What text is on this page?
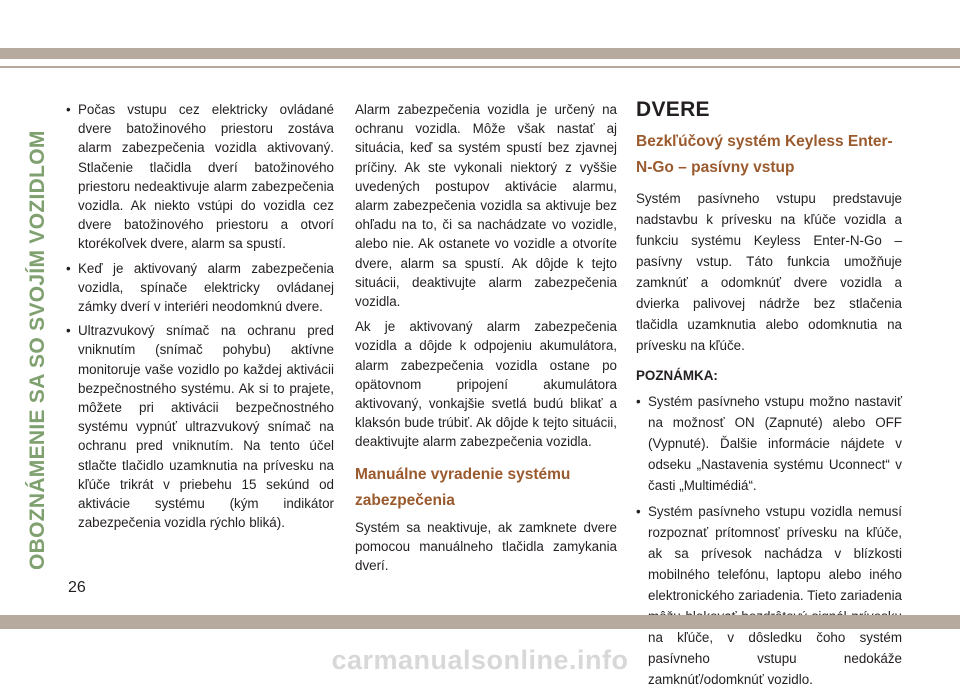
OBOZNÁMENIE SA SO SVOJÍM VOZIDLOM
• Počas vstupu cez elektricky ovládané dvere batožinového priestoru zostáva alarm zabezpečenia vozidla aktivovaný. Stlačenie tlačidla dverí batožinového priestoru nedeaktivuje alarm zabezpečenia vozidla. Ak niekto vstúpi do vozidla cez dvere batožinového priestoru a otvorí ktorékoľvek dvere, alarm sa spustí.
• Keď je aktivovaný alarm zabezpečenia vozidla, spínače elektricky ovládanej zámky dverí v interiéri neodomknú dvere.
• Ultrazvukový snímač na ochranu pred vniknutím (snímač pohybu) aktívne monitoruje vaše vozidlo po každej aktivácii bezpečnostného systému. Ak si to prajete, môžete pri aktivácii bezpečnostného systému vypnúť ultrazvukový snímač na ochranu pred vniknutím. Na tento účel stlačte tlačidlo uzamknutia na prívesku na kľúče trikrát v priebehu 15 sekúnd od aktivácie systému (kým indikátor zabezpečenia vozidla rýchlo bliká).

Alarm zabezpečenia vozidla je určený na ochranu vozidla. Môže však nastať aj situácia, keď sa systém spustí bez zjavnej príčiny. Ak ste vykonali niektorý z vyššie uvedených postupov aktivácie alarmu, alarm zabezpečenia vozidla sa aktivuje bez ohľadu na to, či sa nachádzate vo vozidle, alebo nie. Ak ostanete vo vozidle a otvoríte dvere, alarm sa spustí. Ak dôjde k tejto situácii, deaktivujte alarm zabezpečenia vozidla.

Ak je aktivovaný alarm zabezpečenia vozidla a dôjde k odpojeniu akumulátora, alarm zabezpečenia vozidla ostane po opätovnom pripojení akumulátora aktivovaný, vonkajšie svetlá budú blikať a klaksón bude trúbiť. Ak dôjde k tejto situácii, deaktivujte alarm zabezpečenia vozidla.

Manuálne vyradenie systému zabezpečenia

Systém sa neaktivuje, ak zamknete dvere pomocou manuálneho tlačidla zamykania dverí.

DVERE
Bezkľúčový systém Keyless Enter-N-Go – pasívny vstup

Systém pasívneho vstupu predstavuje nadstavbu k prívesku na kľúče vozidla a funkciu systému Keyless Enter-N-Go – pasívny vstup. Táto funkcia umožňuje zamknúť a odomknúť dvere vozidla a dvierka palivovej nádrže bez stlačenia tlačidla uzamknutia alebo odomknutia na prívesku na kľúče.

POZNÁMKA:
• Systém pasívneho vstupu možno nastaviť na možnosť ON (Zapnuté) alebo OFF (Vypnuté). Ďalšie informácie nájdete v odseku „Nastavenia systému Uconnect“ v časti „Multimédiá“.
• Systém pasívneho vstupu vozidla nemusí rozpoznať prítomnosť prívesku na kľúče, ak sa prívesok nachádza v blízkosti mobilného telefónu, laptopu alebo iného elektronického zariadenia. Tieto zariadenia na kľúče, v dôsledku čoho systém pasívneho vstupu nedokáže zamknúť/odomknúť vozidlo.
26
carmanualsonline.info
